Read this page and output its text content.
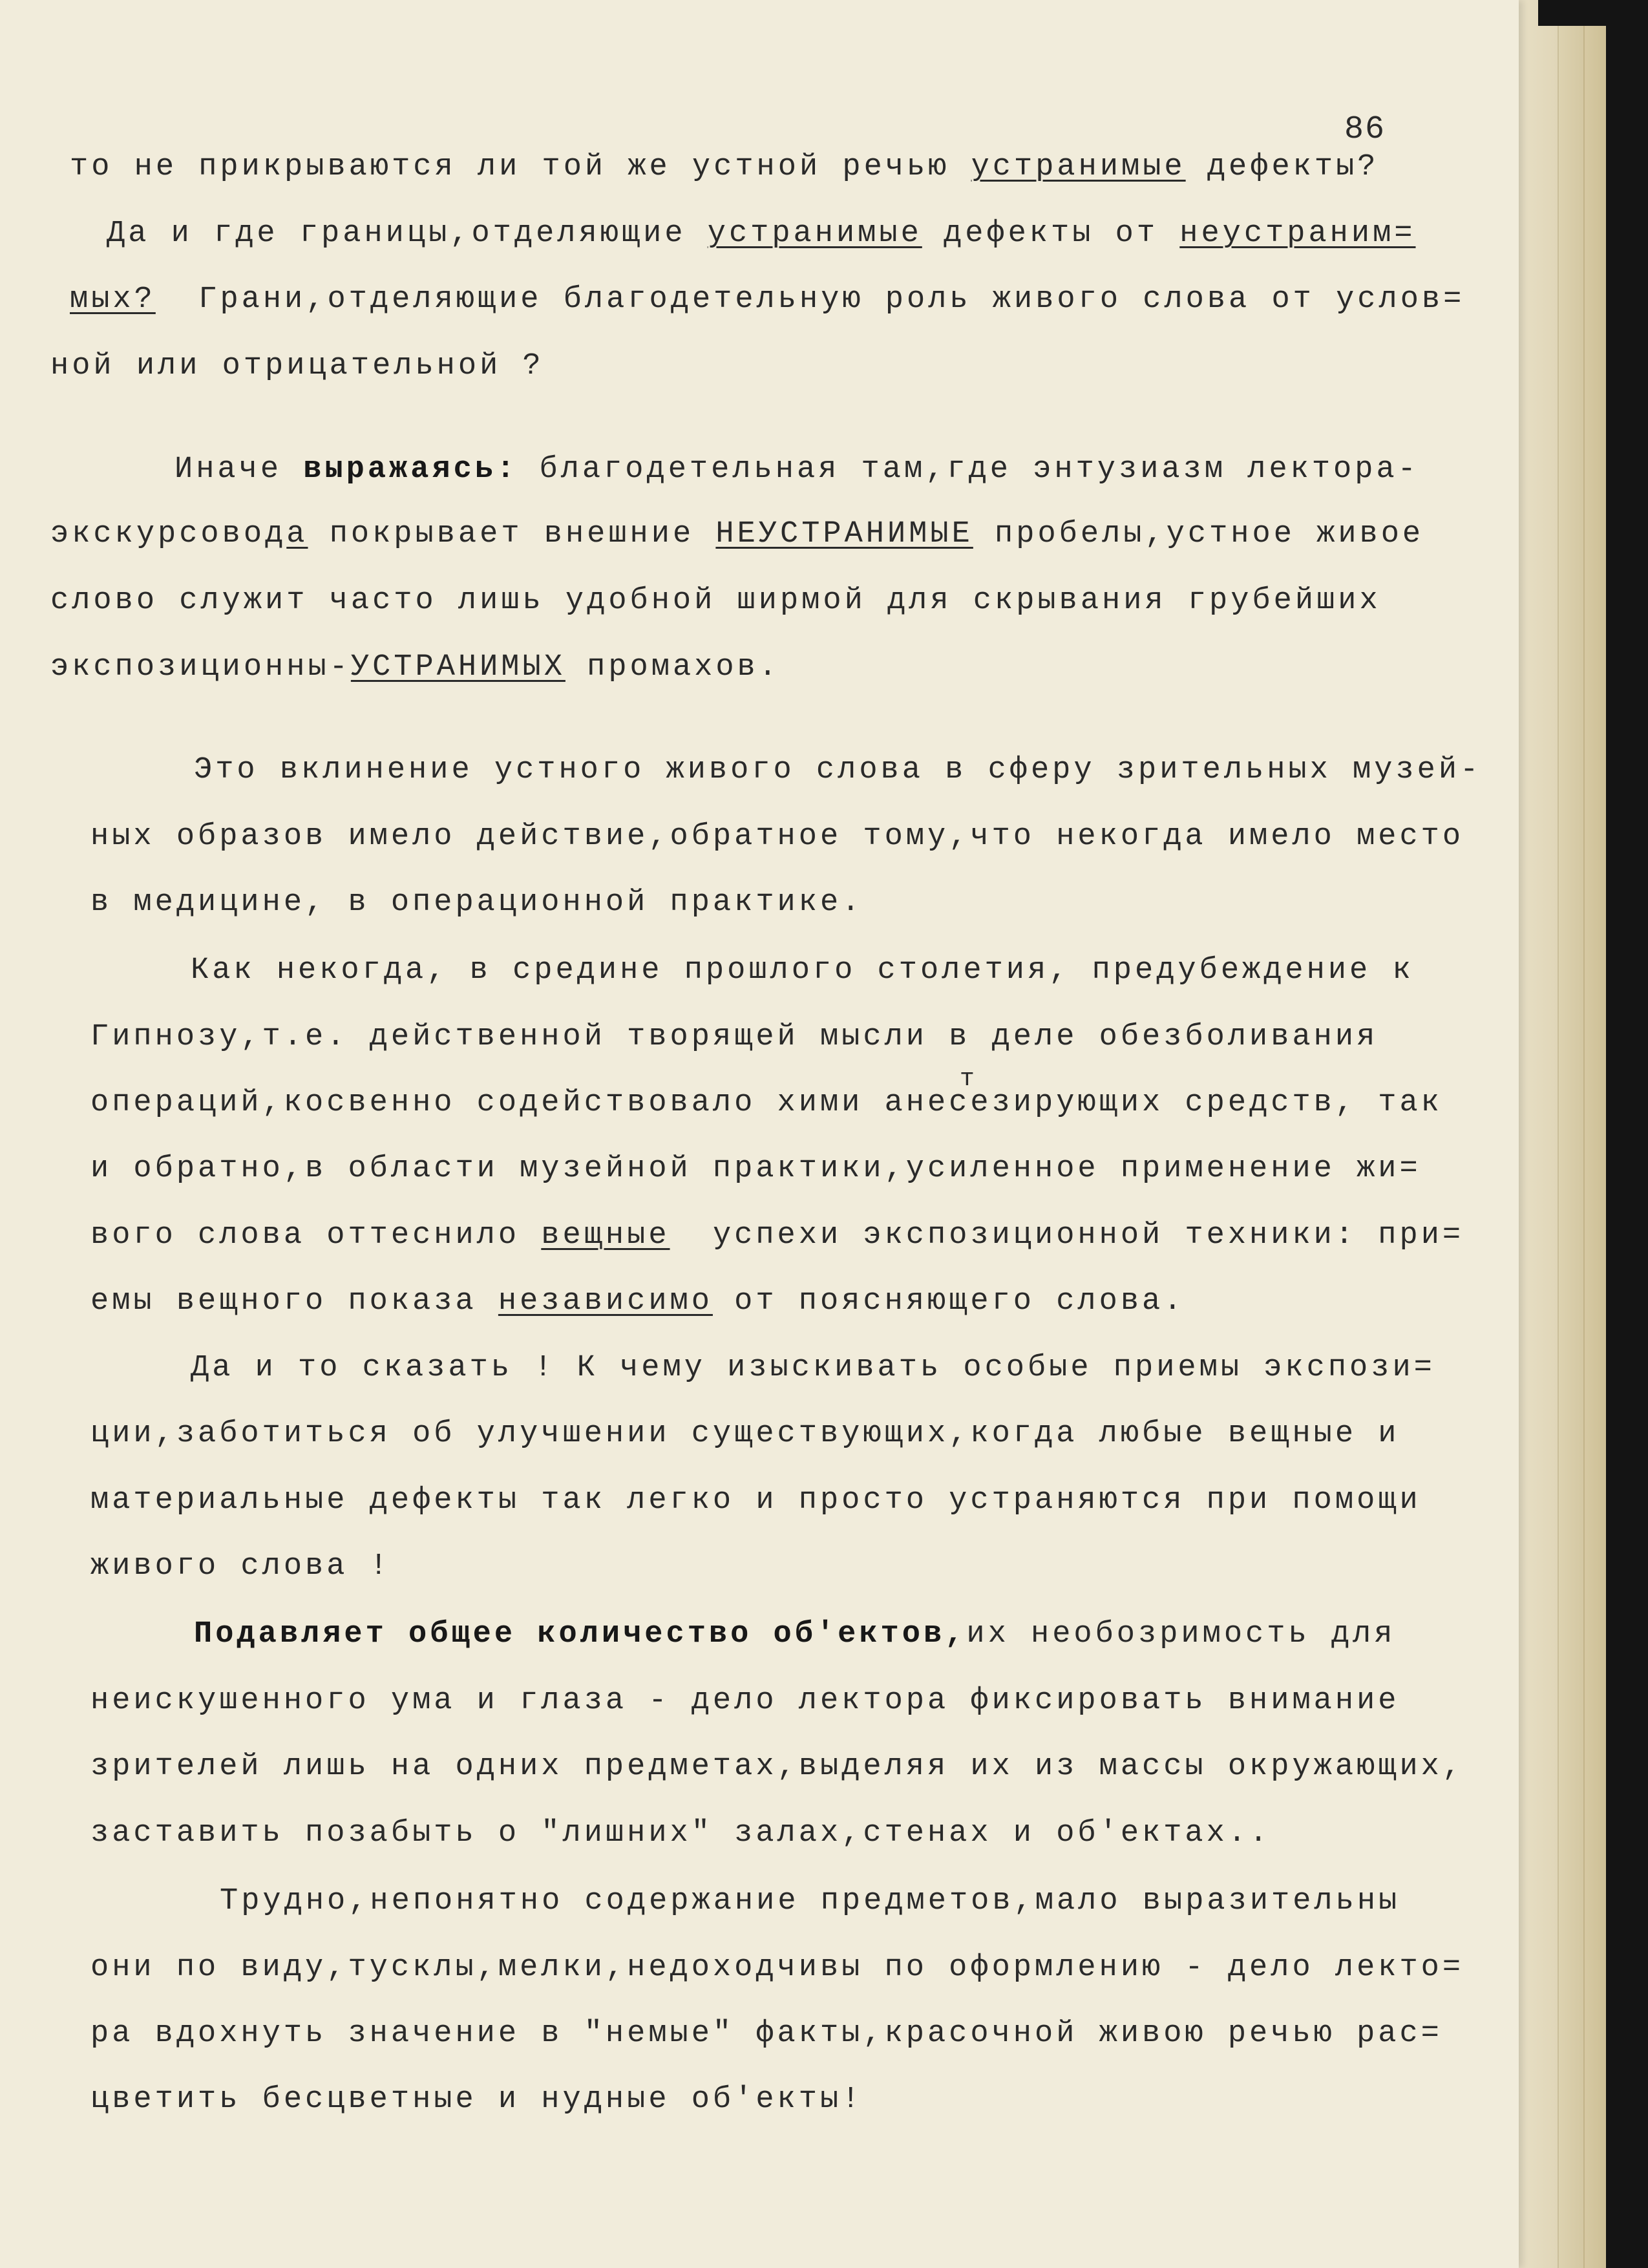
86

то не прикрываются ли той же устной речью устранимые дефекты?

Да и где границы,отделяющие устранимые дефекты от неустраним=

мых?  Грани,отделяющие благодетельную роль живого слова от услов=

ной или отрицательной ?

Иначе выражаясь: благодетельная там,где энтузиазм лектора-

экскурсовода покрывает внешние НЕУСТРАНИМЫЕ пробелы,устное живое

слово служит часто лишь удобной ширмой для скрывания грубейших

экспозиционны-УСТРАНИМЫХ промахов.

Это вклинение устного живого слова в сферу зрительных музей-

ных образов имело действие,обратное тому,что некогда имело место

в медицине, в операционной практике.

Как некогда, в средине прошлого столетия, предубеждение к

Гипнозу,т.е. действенной творящей мысли в деле обезболивания

операций,косвенно содействовало хими анесезирующих средств, так

и обратно,в области музейной практики,усиленное применение жи=

вого слова оттеснило вещные  успехи экспозиционной техники: при=

емы вещного показа независимо от поясняющего слова.

Да и то сказать ! К чему изыскивать особые приемы экспози=

ции,заботиться об улучшении существующих,когда любые вещные и

материальные дефекты так легко и просто устраняются при помощи

живого слова !

Подавляет общее количество об'ектов,их необозримость для

неискушенного ума и глаза - дело лектора фиксировать внимание

зрителей лишь на одних предметах,выделяя их из массы окружающих,

заставить позабыть о "лишних" залах,стенах и об'ектах..

Трудно,непонятно содержание предметов,мало выразительны

они по виду,тусклы,мелки,недоходчивы по оформлению - дело лекто=

ра вдохнуть значение в "немые" факты,красочной живою речью рас=

цветить бесцветные и нудные об'екты!

т
